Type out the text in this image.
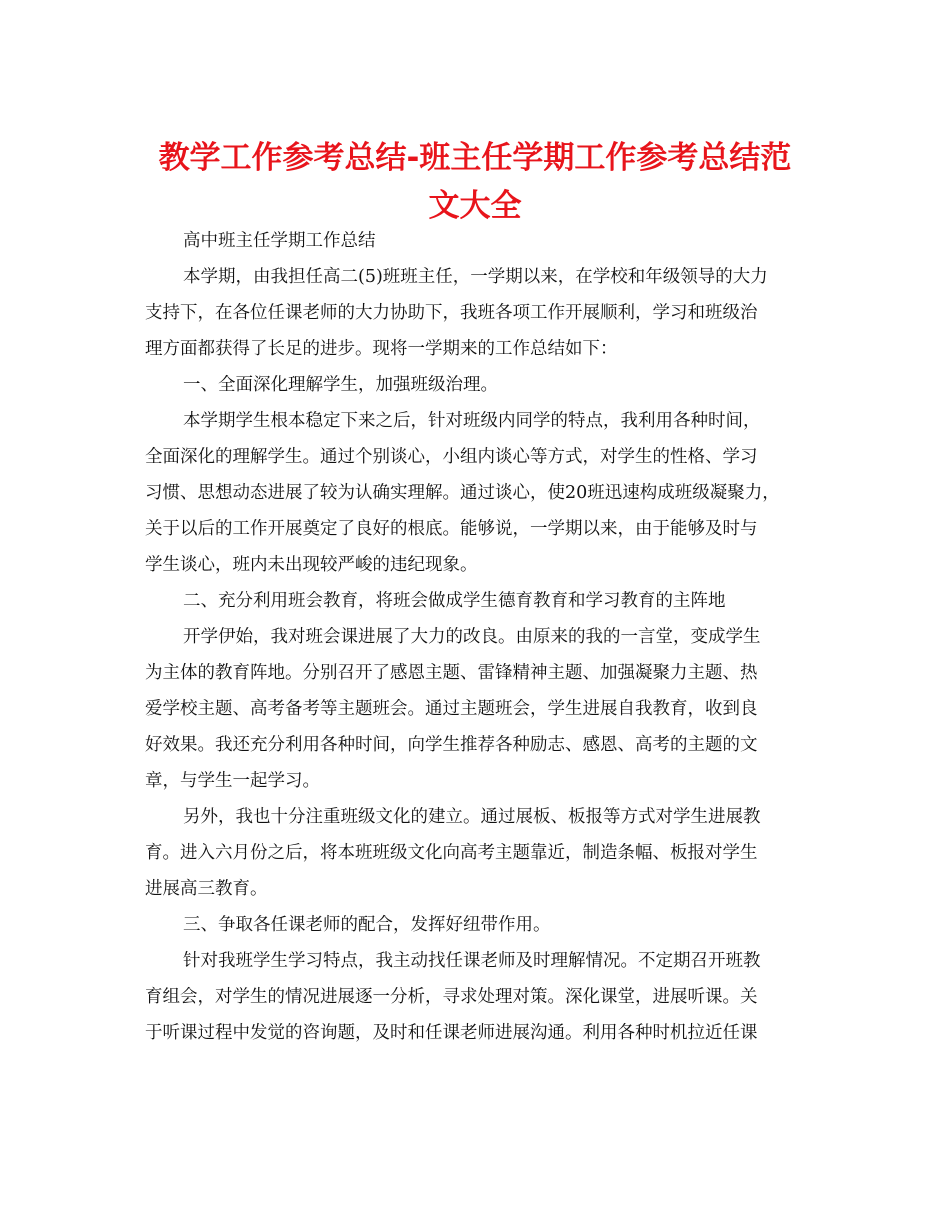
教学工作参考总结-班主任学期工作参考总结范
文大全
高中班主任学期工作总结
本学期，由我担任高二(5)班班主任，一学期以来，在学校和年级领导的大力
支持下，在各位任课老师的大力协助下，我班各项工作开展顺利，学习和班级治
理方面都获得了长足的进步。现将一学期来的工作总结如下：
一、全面深化理解学生，加强班级治理。
本学期学生根本稳定下来之后，针对班级内同学的特点，我利用各种时间，
全面深化的理解学生。通过个别谈心，小组内谈心等方式，对学生的性格、学习
习惯、思想动态进展了较为认确实理解。通过谈心，使20班迅速构成班级凝聚力，
关于以后的工作开展奠定了良好的根底。能够说，一学期以来，由于能够及时与
学生谈心，班内未出现较严峻的违纪现象。
二、充分利用班会教育，将班会做成学生德育教育和学习教育的主阵地
开学伊始，我对班会课进展了大力的改良。由原来的我的一言堂，变成学生
为主体的教育阵地。分别召开了感恩主题、雷锋精神主题、加强凝聚力主题、热
爱学校主题、高考备考等主题班会。通过主题班会，学生进展自我教育，收到良
好效果。我还充分利用各种时间，向学生推荐各种励志、感恩、高考的主题的文
章，与学生一起学习。
另外，我也十分注重班级文化的建立。通过展板、板报等方式对学生进展教
育。进入六月份之后，将本班班级文化向高考主题靠近，制造条幅、板报对学生
进展高三教育。
三、争取各任课老师的配合，发挥好纽带作用。
针对我班学生学习特点，我主动找任课老师及时理解情况。不定期召开班教
育组会，对学生的情况进展逐一分析，寻求处理对策。深化课堂，进展听课。关
于听课过程中发觉的咨询题，及时和任课老师进展沟通。利用各种时机拉近任课
